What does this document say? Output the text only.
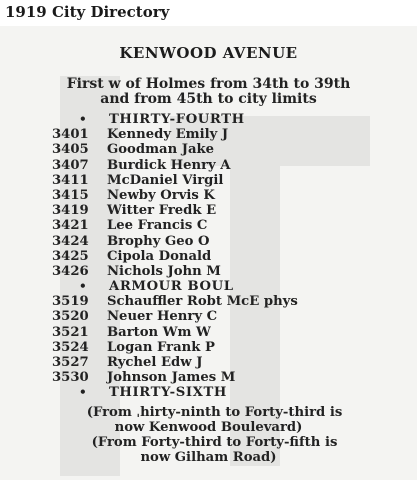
1919 City Directory
KENWOOD AVENUE
First w of Holmes from 34th to 39th
and from 45th to city limits
• THIRTY-FOURTH
3401 Kennedy Emily J
3405 Goodman Jake
3407 Burdick Henry A
3411 McDaniel Virgil
3415 Newby Orvis K
3419 Witter Fredk E
3421 Lee Francis C
3424 Brophy Geo O
3425 Cipola Donald
3426 Nichols John M
• ARMOUR BOUL
3519 Schauffler Robt McE phys
3520 Neuer Henry C
3521 Barton Wm W
3524 Logan Frank P
3527 Rychel Edw J
3530 Johnson James M
• THIRTY-SIXTH
(From ˌhirty-ninth to Forty-third is
now Kenwood Boulevard)
(From Forty-third to Forty-fifth is
now Gilham Road)
